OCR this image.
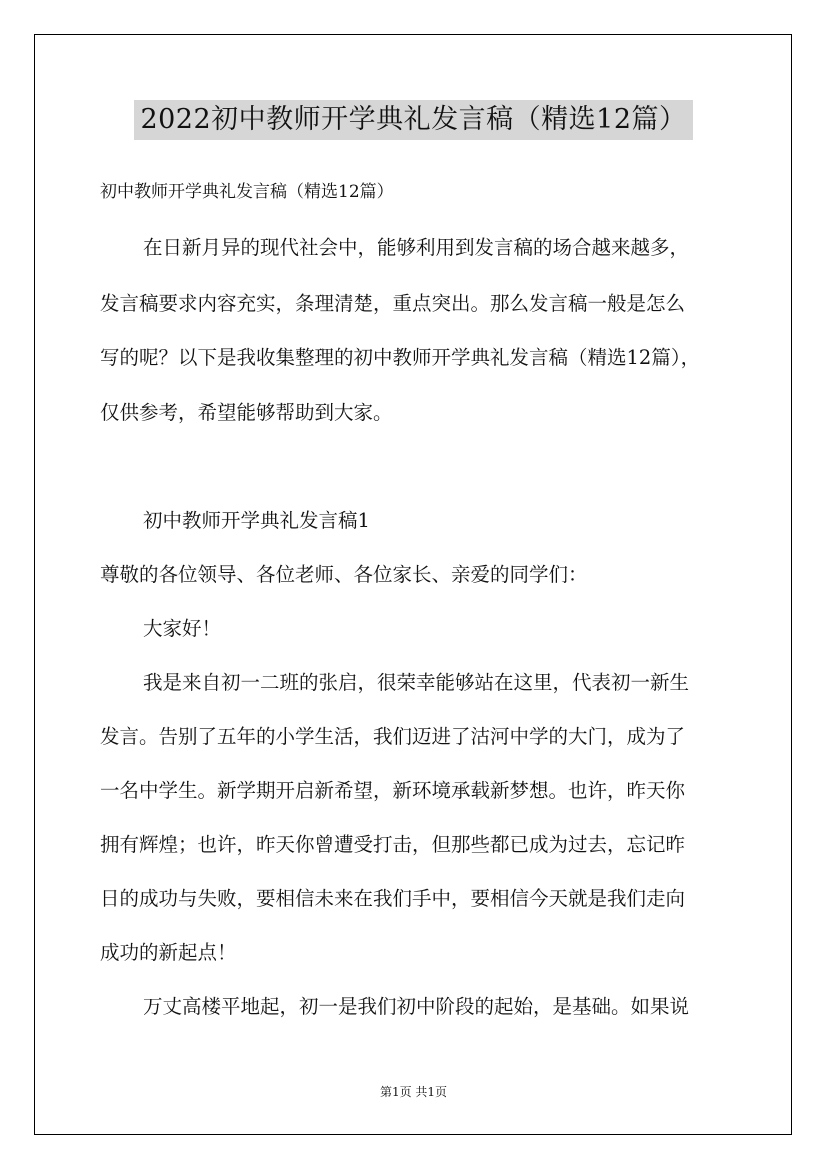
2022初中教师开学典礼发言稿（精选12篇）
初中教师开学典礼发言稿（精选12篇）
在日新月异的现代社会中，能够利用到发言稿的场合越来越多，
发言稿要求内容充实，条理清楚，重点突出。那么发言稿一般是怎么
写的呢？以下是我收集整理的初中教师开学典礼发言稿（精选12篇），
仅供参考，希望能够帮助到大家。
初中教师开学典礼发言稿1
尊敬的各位领导、各位老师、各位家长、亲爱的同学们：
大家好！
我是来自初一二班的张启，很荣幸能够站在这里，代表初一新生
发言。告别了五年的小学生活，我们迈进了沽河中学的大门，成为了
一名中学生。新学期开启新希望，新环境承载新梦想。也许，昨天你
拥有辉煌；也许，昨天你曾遭受打击，但那些都已成为过去，忘记昨
日的成功与失败，要相信未来在我们手中，要相信今天就是我们走向
成功的新起点！
万丈高楼平地起，初一是我们初中阶段的起始，是基础。如果说
第1页 共1页
